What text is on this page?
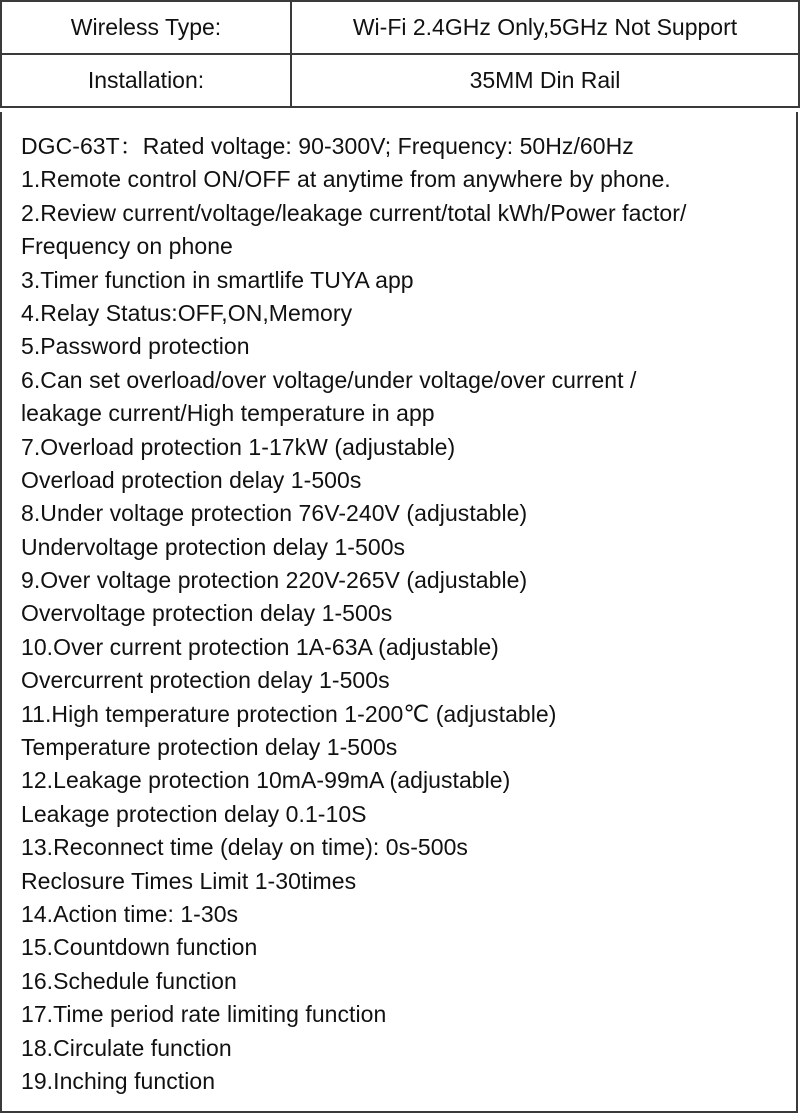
Wireless Type:	Wi-Fi 2.4GHz Only,5GHz Not Support
Installation:	35MM Din Rail
DGC-63T：Rated voltage: 90-300V; Frequency: 50Hz/60Hz
1.Remote control ON/OFF at anytime from anywhere by phone.
2.Review current/voltage/leakage current/total kWh/Power factor/
Frequency on phone
3.Timer function in smartlife TUYA app
4.Relay Status:OFF,ON,Memory
5.Password protection
6.Can set overload/over voltage/under voltage/over current /
leakage current/High temperature in app
7.Overload protection 1-17kW (adjustable)
Overload protection delay 1-500s
8.Under voltage protection 76V-240V (adjustable)
Undervoltage protection delay 1-500s
9.Over voltage protection 220V-265V (adjustable)
Overvoltage protection delay 1-500s
10.Over current protection 1A-63A (adjustable)
Overcurrent protection delay 1-500s
11.High temperature protection 1-200℃ (adjustable)
Temperature protection delay 1-500s
12.Leakage protection 10mA-99mA (adjustable)
Leakage protection delay 0.1-10S
13.Reconnect time (delay on time): 0s-500s
Reclosure Times Limit 1-30times
14.Action time: 1-30s
15.Countdown function
16.Schedule function
17.Time period rate limiting function
18.Circulate function
19.Inching function
